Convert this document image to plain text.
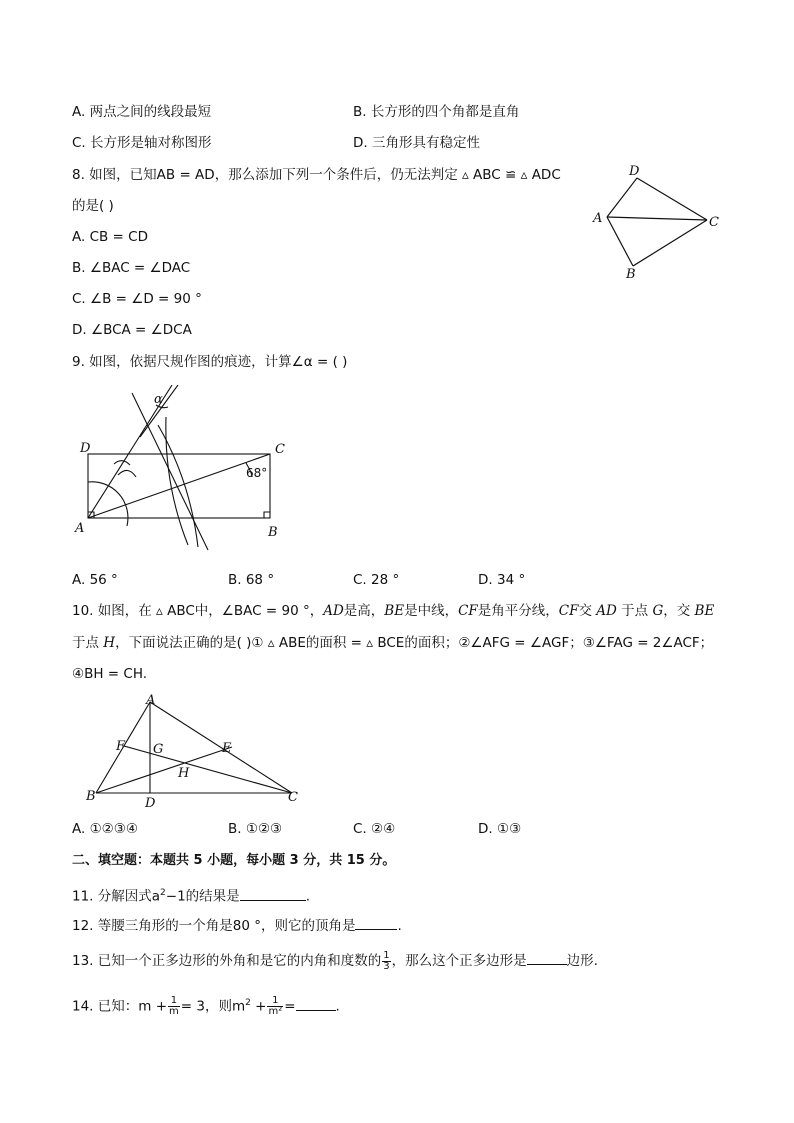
A. 两点之间的线段最短	B. 长方形的四个角都是直角
C. 长方形是轴对称图形	D. 三角形具有稳定性
8. 如图，已知AB = AD，那么添加下列一个条件后，仍无法判定 ▵ ABC ≌ ▵ ADC
的是( )
A. CB = CD
B. ∠BAC = ∠DAC
C. ∠B = ∠D = 90 °
D. ∠BCA = ∠DCA
D
A	C
B
9. 如图，依据尺规作图的痕迹，计算∠α = ( )
D	C
A	B
α
68°
A. 56 °	B. 68 °	C. 28 °	D. 34 °
10. 如图，在 ▵ ABC中，∠BAC = 90 °，AD是高，BE是中线，CF是角平分线，CF交 AD 于点 G，交 BE
于点 H，下面说法正确的是( )① ▵ ABE的面积 = ▵ BCE的面积；②∠AFG = ∠AGF；③∠FAG = 2∠ACF；
④BH = CH.
A
F G	E
H
B	D	C
A. ①②③④	B. ①②③	C. ②④	D. ①③
二、填空题：本题共 5 小题，每小题 3 分，共 15 分。
11. 分解因式$a^2-1$的结果是	.
12. 等腰三角形的一个角是80 °，则它的顶角是	.
13. 已知一个正多边形的外角和是它的内角和度数的 $\frac{1}{3}$ ，那么这个正多边形是	边形.
14. 已知：$m + \frac{1}{m} = 3$，则$m^2 + \frac{1}{\text{m²}}$ =	.
